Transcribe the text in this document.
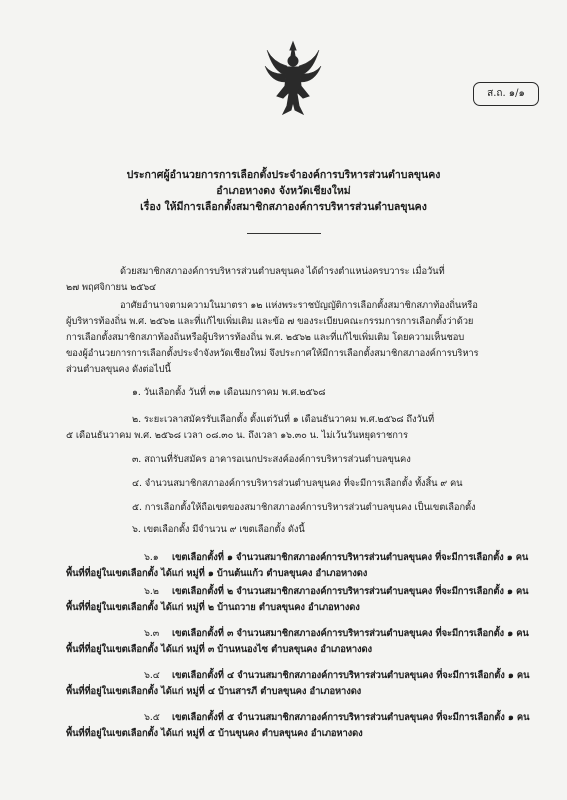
ส.ถ. ๑/๑
ประกาศผู้อำนวยการการเลือกตั้งประจำองค์การบริหารส่วนตำบลขุนคง
อำเภอหางดง จังหวัดเชียงใหม่
เรื่อง ให้มีการเลือกตั้งสมาชิกสภาองค์การบริหารส่วนตำบลขุนคง
ด้วยสมาชิกสภาองค์การบริหารส่วนตำบลขุนคง ได้ดำรงตำแหน่งครบวาระ เมื่อวันที่
๒๗ พฤศจิกายน ๒๕๖๔
อาศัยอำนาจตามความในมาตรา ๑๒ แห่งพระราชบัญญัติการเลือกตั้งสมาชิกสภาท้องถิ่นหรือ
ผู้บริหารท้องถิ่น พ.ศ. ๒๕๖๒ และที่แก้ไขเพิ่มเติม และข้อ ๗ ของระเบียบคณะกรรมการการเลือกตั้งว่าด้วย
การเลือกตั้งสมาชิกสภาท้องถิ่นหรือผู้บริหารท้องถิ่น พ.ศ. ๒๕๖๒ และที่แก้ไขเพิ่มเติม โดยความเห็นชอบ
ของผู้อำนวยการการเลือกตั้งประจำจังหวัดเชียงใหม่ จึงประกาศให้มีการเลือกตั้งสมาชิกสภาองค์การบริหาร
ส่วนตำบลขุนคง ดังต่อไปนี้
๑. วันเลือกตั้ง วันที่ ๓๑ เดือนมกราคม พ.ศ.๒๕๖๘
๒. ระยะเวลาสมัครรับเลือกตั้ง ตั้งแต่วันที่ ๑ เดือนธันวาคม พ.ศ.๒๕๖๘ ถึงวันที่
๕ เดือนธันวาคม พ.ศ. ๒๕๖๘ เวลา ๐๘.๓๐ น. ถึงเวลา ๑๖.๓๐ น. ไม่เว้นวันหยุดราชการ
๓. สถานที่รับสมัคร อาคารอเนกประสงค์องค์การบริหารส่วนตำบลขุนคง
๔. จำนวนสมาชิกสภาองค์การบริหารส่วนตำบลขุนคง ที่จะมีการเลือกตั้ง ทั้งสิ้น ๙ คน
๕. การเลือกตั้งให้ถือเขตของสมาชิกสภาองค์การบริหารส่วนตำบลขุนคง เป็นเขตเลือกตั้ง
๖. เขตเลือกตั้ง มีจำนวน ๙ เขตเลือกตั้ง ดังนี้
๖.๑ เขตเลือกตั้งที่ ๑ จำนวนสมาชิกสภาองค์การบริหารส่วนตำบลขุนคง ที่จะมีการเลือกตั้ง ๑ คน
พื้นที่ที่อยู่ในเขตเลือกตั้ง ได้แก่ หมู่ที่ ๑ บ้านต้นแก้ว ตำบลขุนคง อำเภอหางดง
๖.๒ เขตเลือกตั้งที่ ๒ จำนวนสมาชิกสภาองค์การบริหารส่วนตำบลขุนคง ที่จะมีการเลือกตั้ง ๑ คน
พื้นที่ที่อยู่ในเขตเลือกตั้ง ได้แก่ หมู่ที่ ๒ บ้านถวาย ตำบลขุนคง อำเภอหางดง
๖.๓ เขตเลือกตั้งที่ ๓ จำนวนสมาชิกสภาองค์การบริหารส่วนตำบลขุนคง ที่จะมีการเลือกตั้ง ๑ คน
พื้นที่ที่อยู่ในเขตเลือกตั้ง ได้แก่ หมู่ที่ ๓ บ้านหนองไซ ตำบลขุนคง อำเภอหางดง
๖.๔ เขตเลือกตั้งที่ ๔ จำนวนสมาชิกสภาองค์การบริหารส่วนตำบลขุนคง ที่จะมีการเลือกตั้ง ๑ คน
พื้นที่ที่อยู่ในเขตเลือกตั้ง ได้แก่ หมู่ที่ ๔ บ้านสารภี ตำบลขุนคง อำเภอหางดง
๖.๕ เขตเลือกตั้งที่ ๕ จำนวนสมาชิกสภาองค์การบริหารส่วนตำบลขุนคง ที่จะมีการเลือกตั้ง ๑ คน
พื้นที่ที่อยู่ในเขตเลือกตั้ง ได้แก่ หมู่ที่ ๕ บ้านขุนคง ตำบลขุนคง อำเภอหางดง
